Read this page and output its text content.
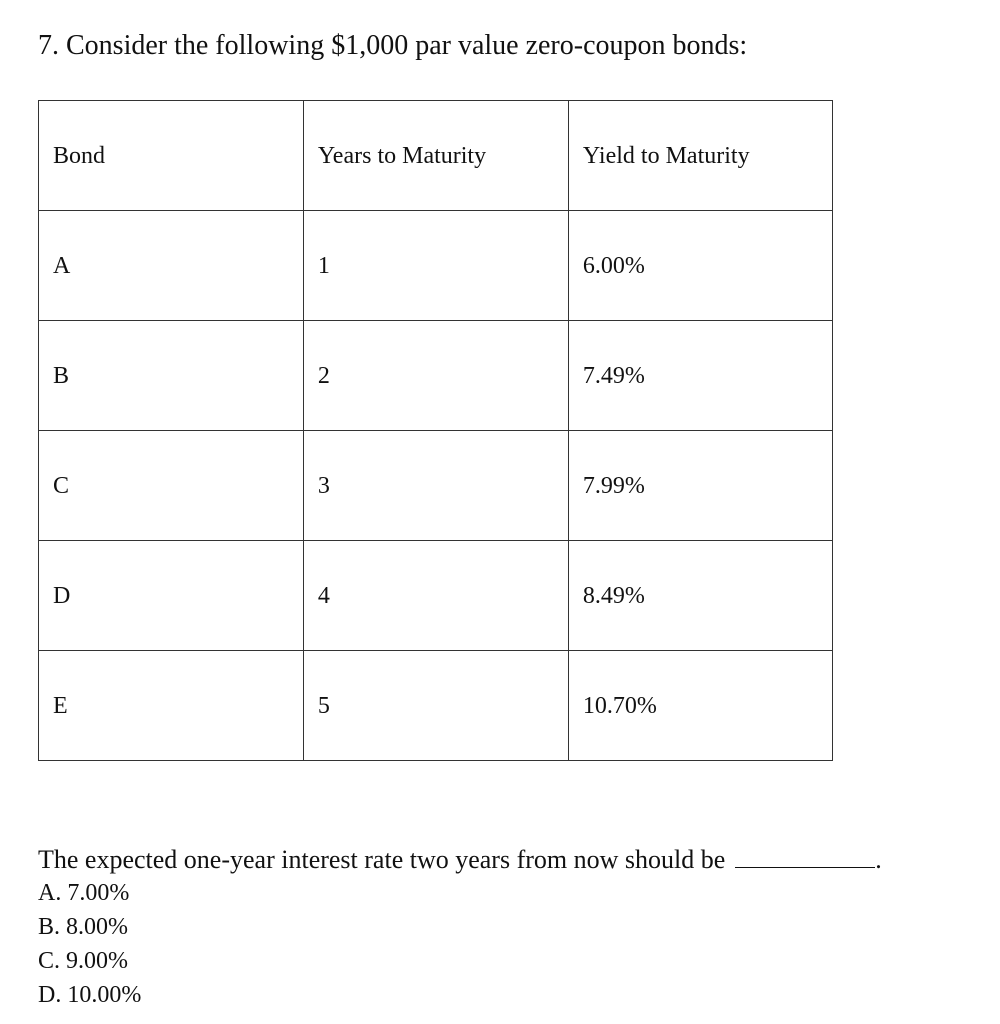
7. Consider the following $1,000 par value zero-coupon bonds:
Bond	Years to Maturity	Yield to Maturity
A	1	6.00%
B	2	7.49%
C	3	7.99%
D	4	8.49%
E	5	10.70%
The expected one-year interest rate two years from now should be	.
A. 7.00%
B. 8.00%
C. 9.00%
D. 10.00%
